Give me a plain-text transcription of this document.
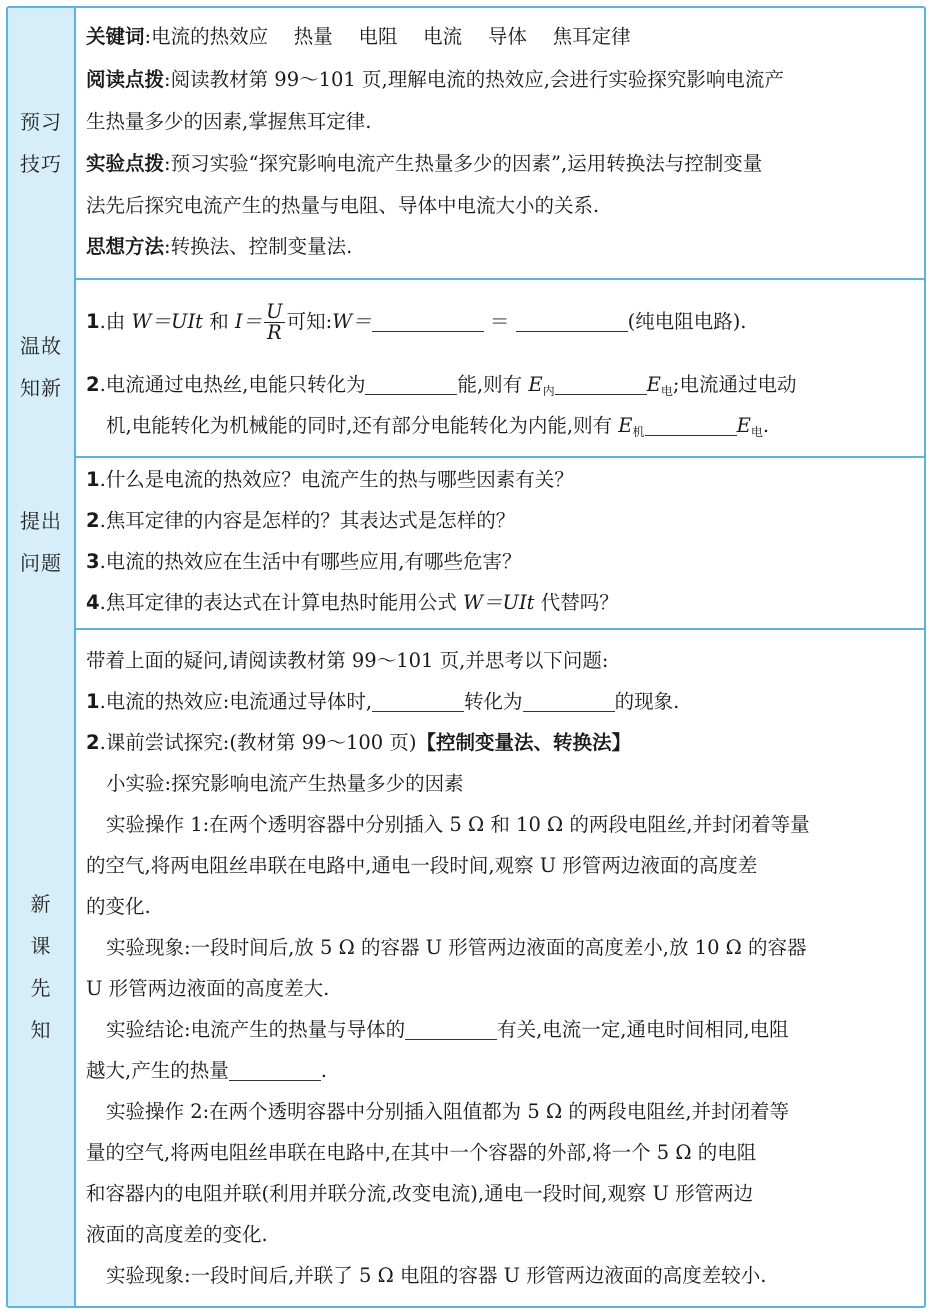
预习
技巧
关键词:电流的热效应　 热量　 电阻　 电流　 导体　 焦耳定律
阅读点拨:阅读教材第 99～101 页,理解电流的热效应,会进行实验探究影响电流产
生热量多少的因素,掌握焦耳定律.
实验点拨:预习实验“探究影响电流产生热量多少的因素”,运用转换法与控制变量
法先后探究电流产生的热量与电阻、导体中电流大小的关系.
思想方法:转换法、控制变量法.
温故
知新
1.由 W＝UIt 和 $I= \frac{U}{R}$ 可知:W＝	＝	(纯电阻电路).
2.电流通过电热丝,电能只转化为	能,则有 $E_内$	$E_电$;电流通过电动
机,电能转化为机械能的同时,还有部分电能转化为内能,则有 $E_机$	$E_电$.
提出
问题
1.什么是电流的热效应？电流产生的热与哪些因素有关？
2.焦耳定律的内容是怎样的？其表达式是怎样的？
3.电流的热效应在生活中有哪些应用,有哪些危害？
4.焦耳定律的表达式在计算电热时能用公式 W＝UIt 代替吗？
新
课
先
知
带着上面的疑问,请阅读教材第 99～101 页,并思考以下问题:
1.电流的热效应:电流通过导体时,	转化为	的现象.
2.课前尝试探究:(教材第 99～100 页)【控制变量法、转换法】
小实验:探究影响电流产生热量多少的因素
实验操作 1:在两个透明容器中分别插入 5 Ω 和 10 Ω 的两段电阻丝,并封闭着等量
的空气,将两电阻丝串联在电路中,通电一段时间,观察 U 形管两边液面的高度差
的变化.
实验现象:一段时间后,放 5 Ω 的容器 U 形管两边液面的高度差小,放 10 Ω 的容器
U 形管两边液面的高度差大.
实验结论:电流产生的热量与导体的	有关,电流一定,通电时间相同,电阻
越大,产生的热量	.
实验操作 2:在两个透明容器中分别插入阻值都为 5 Ω 的两段电阻丝,并封闭着等
量的空气,将两电阻丝串联在电路中,在其中一个容器的外部,将一个 5 Ω 的电阻
和容器内的电阻并联(利用并联分流,改变电流),通电一段时间,观察 U 形管两边
液面的高度差的变化.
实验现象:一段时间后,并联了 5 Ω 电阻的容器 U 形管两边液面的高度差较小.
